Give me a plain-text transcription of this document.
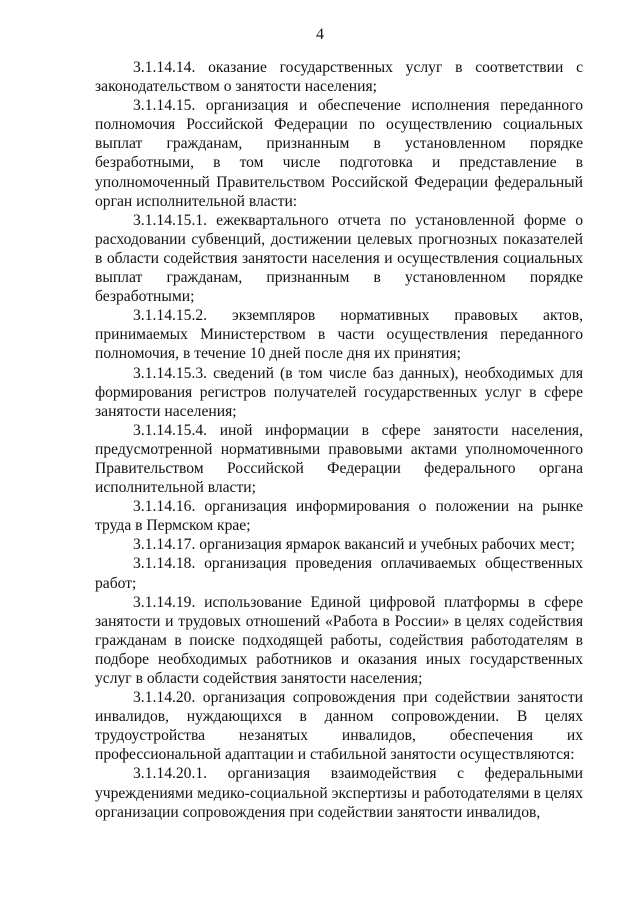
4

3.1.14.14. оказание государственных услуг в соответствии с законодательством о занятости населения;

3.1.14.15. организация и обеспечение исполнения переданного полномочия Российской Федерации по осуществлению социальных выплат гражданам, признанным в установленном порядке безработными, в том числе подготовка и представление в уполномоченный Правительством Российской Федерации федеральный орган исполнительной власти:

3.1.14.15.1. ежеквартального отчета по установленной форме о расходовании субвенций, достижении целевых прогнозных показателей в области содействия занятости населения и осуществления социальных выплат гражданам, признанным в установленном порядке безработными;

3.1.14.15.2. экземпляров нормативных правовых актов, принимаемых Министерством в части осуществления переданного полномочия, в течение 10 дней после дня их принятия;

3.1.14.15.3. сведений (в том числе баз данных), необходимых для формирования регистров получателей государственных услуг в сфере занятости населения;

3.1.14.15.4. иной информации в сфере занятости населения, предусмотренной нормативными правовыми актами уполномоченного Правительством Российской Федерации федерального органа исполнительной власти;

3.1.14.16. организация информирования о положении на рынке труда в Пермском крае;

3.1.14.17. организация ярмарок вакансий и учебных рабочих мест;

3.1.14.18. организация проведения оплачиваемых общественных работ;

3.1.14.19. использование Единой цифровой платформы в сфере занятости и трудовых отношений «Работа в России» в целях содействия гражданам в поиске подходящей работы, содействия работодателям в подборе необходимых работников и оказания иных государственных услуг в области содействия занятости населения;

3.1.14.20. организация сопровождения при содействии занятости инвалидов, нуждающихся в данном сопровождении. В целях трудоустройства незанятых инвалидов, обеспечения их профессиональной адаптации и стабильной занятости осуществляются:

3.1.14.20.1. организация взаимодействия с федеральными учреждениями медико-социальной экспертизы и работодателями в целях организации сопровождения при содействии занятости инвалидов,
